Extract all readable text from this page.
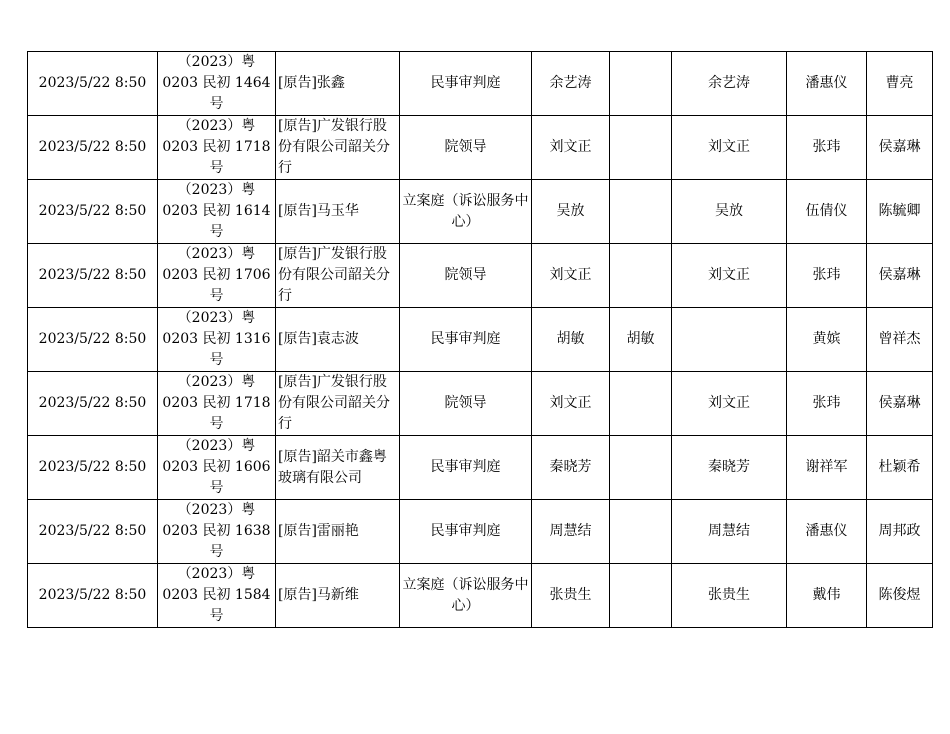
2023/5/22 8:50	（2023）粤 0203 民初 1464 号	[原告]张鑫	民事审判庭	余艺涛		余艺涛	潘惠仪	曹亮
2023/5/22 8:50	（2023）粤 0203 民初 1718 号	[原告]广发银行股份有限公司韶关分行	院领导	刘文正		刘文正	张玮	侯嘉琳
2023/5/22 8:50	（2023）粤 0203 民初 1614 号	[原告]马玉华	立案庭（诉讼服务中心）	吴放		吴放	伍倩仪	陈毓卿
2023/5/22 8:50	（2023）粤 0203 民初 1706 号	[原告]广发银行股份有限公司韶关分行	院领导	刘文正		刘文正	张玮	侯嘉琳
2023/5/22 8:50	（2023）粤 0203 民初 1316 号	[原告]袁志波	民事审判庭	胡敏	胡敏		黄嫔	曾祥杰
2023/5/22 8:50	（2023）粤 0203 民初 1718 号	[原告]广发银行股份有限公司韶关分行	院领导	刘文正		刘文正	张玮	侯嘉琳
2023/5/22 8:50	（2023）粤 0203 民初 1606 号	[原告]韶关市鑫粤玻璃有限公司	民事审判庭	秦晓芳		秦晓芳	谢祥军	杜颖希
2023/5/22 8:50	（2023）粤 0203 民初 1638 号	[原告]雷丽艳	民事审判庭	周慧结		周慧结	潘惠仪	周邦政
2023/5/22 8:50	（2023）粤 0203 民初 1584 号	[原告]马新维	立案庭（诉讼服务中心）	张贵生		张贵生	戴伟	陈俊煜
